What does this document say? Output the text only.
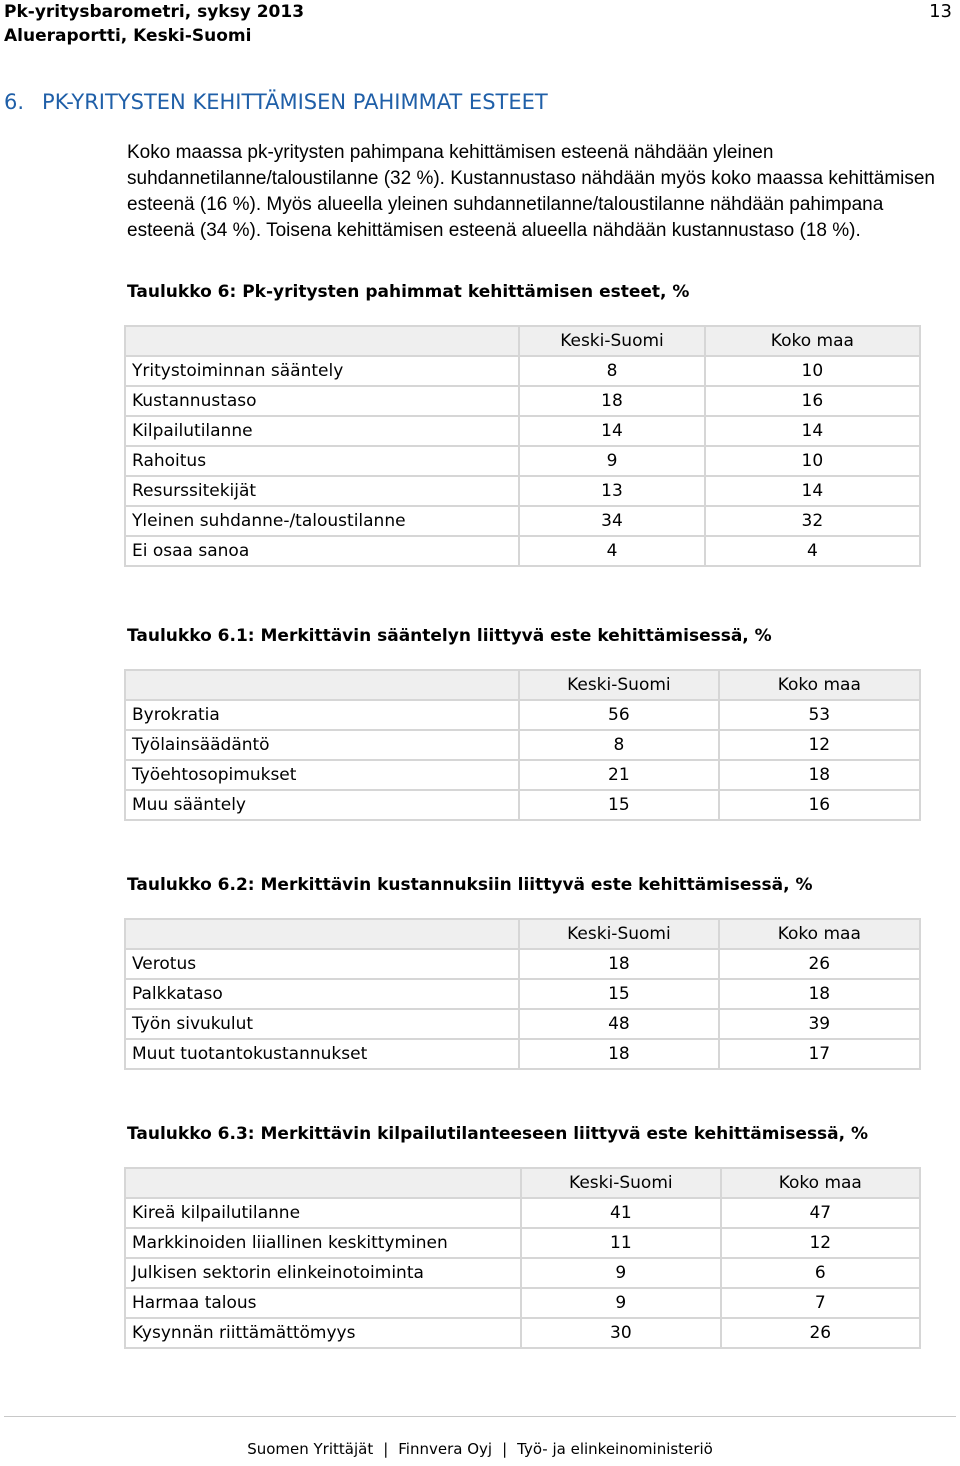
Pk-yritysbarometri, syksy 2013	13
Alueraportti, Keski-Suomi
6. PK-YRITYSTEN KEHITTÄMISEN PAHIMMAT ESTEET
Koko maassa pk-yritysten pahimpana kehittämisen esteenä nähdään yleinen suhdannetilanne/taloustilanne (32 %). Kustannustaso nähdään myös koko maassa kehittämisen esteenä (16 %). Myös alueella yleinen suhdannetilanne/taloustilanne nähdään pahimpana esteenä (34 %). Toisena kehittämisen esteenä alueella nähdään kustannustaso (18 %).
Taulukko 6: Pk-yritysten pahimmat kehittämisen esteet, %
	Keski-Suomi	Koko maa
Yritystoiminnan sääntely	8	10
Kustannustaso	18	16
Kilpailutilanne	14	14
Rahoitus	9	10
Resurssitekijät	13	14
Yleinen suhdanne-/taloustilanne	34	32
Ei osaa sanoa	4	4
Taulukko 6.1: Merkittävin sääntelyn liittyvä este kehittämisessä, %
	Keski-Suomi	Koko maa
Byrokratia	56	53
Työlainsäädäntö	8	12
Työehtosopimukset	21	18
Muu sääntely	15	16
Taulukko 6.2: Merkittävin kustannuksiin liittyvä este kehittämisessä, %
	Keski-Suomi	Koko maa
Verotus	18	26
Palkkataso	15	18
Työn sivukulut	48	39
Muut tuotantokustannukset	18	17
Taulukko 6.3: Merkittävin kilpailutilanteeseen liittyvä este kehittämisessä, %
	Keski-Suomi	Koko maa
Kireä kilpailutilanne	41	47
Markkinoiden liiallinen keskittyminen	11	12
Julkisen sektorin elinkeinotoiminta	9	6
Harmaa talous	9	7
Kysynnän riittämättömyys	30	26
Suomen Yrittäjät | Finnvera Oyj | Työ- ja elinkeinoministeriö
